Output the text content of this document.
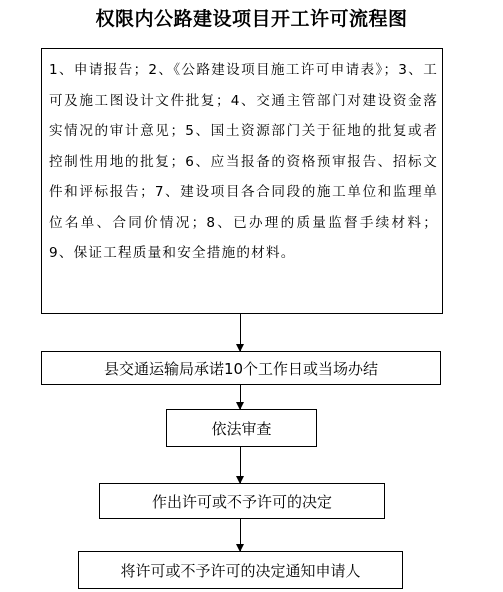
权限内公路建设项目开工许可流程图
1、申请报告；2、《公路建设项目施工许可申请表》；3、工可及施工图设计文件批复；4、交通主管部门对建设资金落实情况的审计意见；5、国土资源部门关于征地的批复或者控制性用地的批复；6、应当报备的资格预审报告、招标文件和评标报告；7、建设项目各合同段的施工单位和监理单位名单、合同价情况；8、已办理的质量监督手续材料；9、保证工程质量和安全措施的材料。
县交通运输局承诺10个工作日或当场办结
依法审查
作出许可或不予许可的决定
将许可或不予许可的决定通知申请人
